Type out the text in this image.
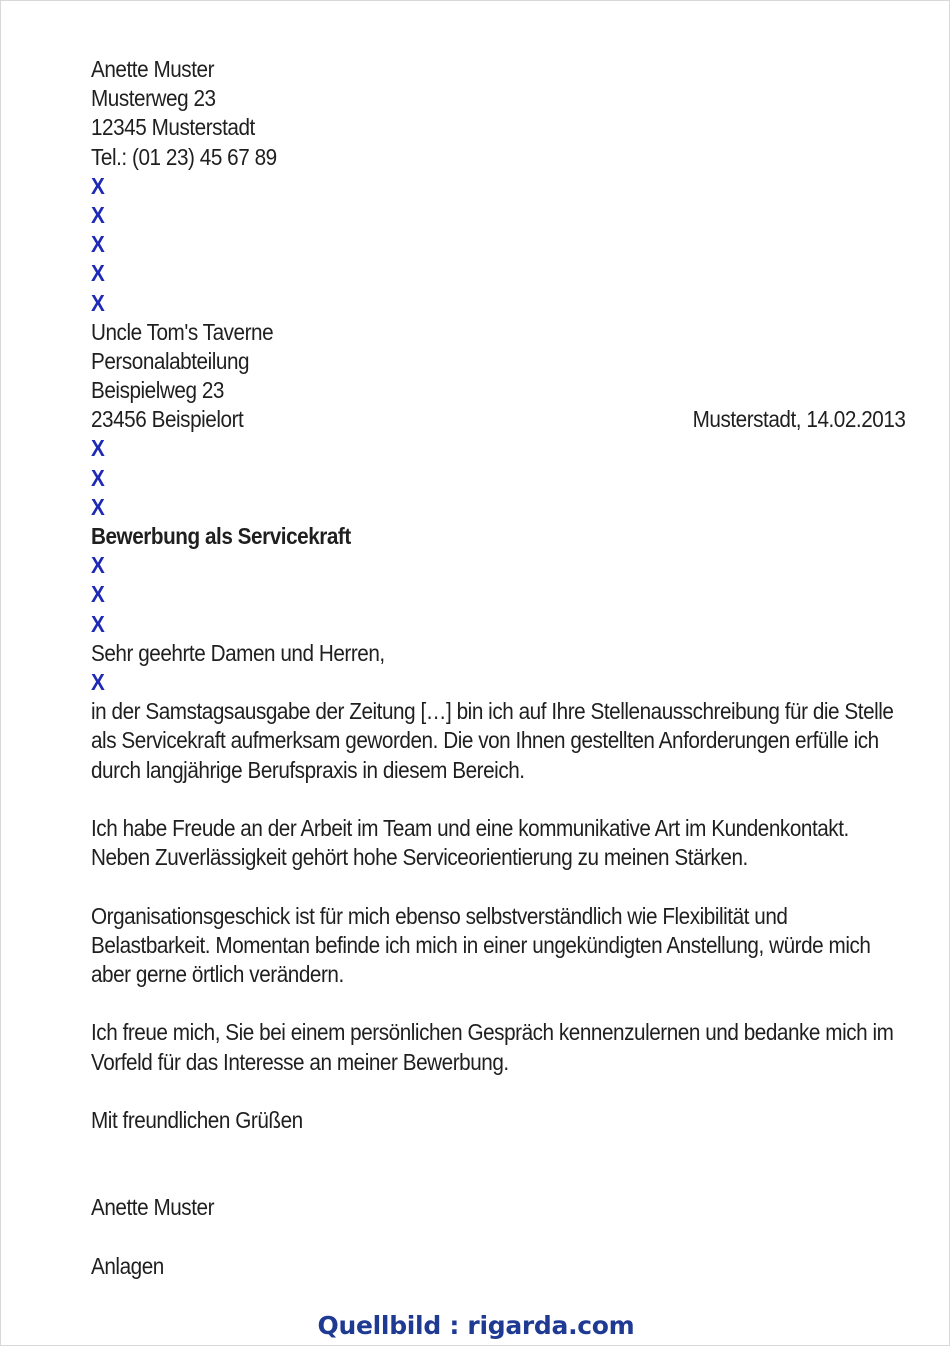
Anette Muster
Musterweg 23
12345 Musterstadt
Tel.: (01 23) 45 67 89
X
X
X
X
X
Uncle Tom's Taverne
Personalabteilung
Beispielweg 23
23456 Beispielort	Musterstadt, 14.02.2013
X
X
X
Bewerbung als Servicekraft
X
X
X
Sehr geehrte Damen und Herren,
X
in der Samstagsausgabe der Zeitung […] bin ich auf Ihre Stellenausschreibung für die Stelle
als Servicekraft aufmerksam geworden. Die von Ihnen gestellten Anforderungen erfülle ich
durch langjährige Berufspraxis in diesem Bereich.
Ich habe Freude an der Arbeit im Team und eine kommunikative Art im Kundenkontakt.
Neben Zuverlässigkeit gehört hohe Serviceorientierung zu meinen Stärken.
Organisationsgeschick ist für mich ebenso selbstverständlich wie Flexibilität und
Belastbarkeit. Momentan befinde ich mich in einer ungekündigten Anstellung, würde mich
aber gerne örtlich verändern.
Ich freue mich, Sie bei einem persönlichen Gespräch kennenzulernen und bedanke mich im
Vorfeld für das Interesse an meiner Bewerbung.
Mit freundlichen Grüßen
Anette Muster
Anlagen
Quellbild : rigarda.com
